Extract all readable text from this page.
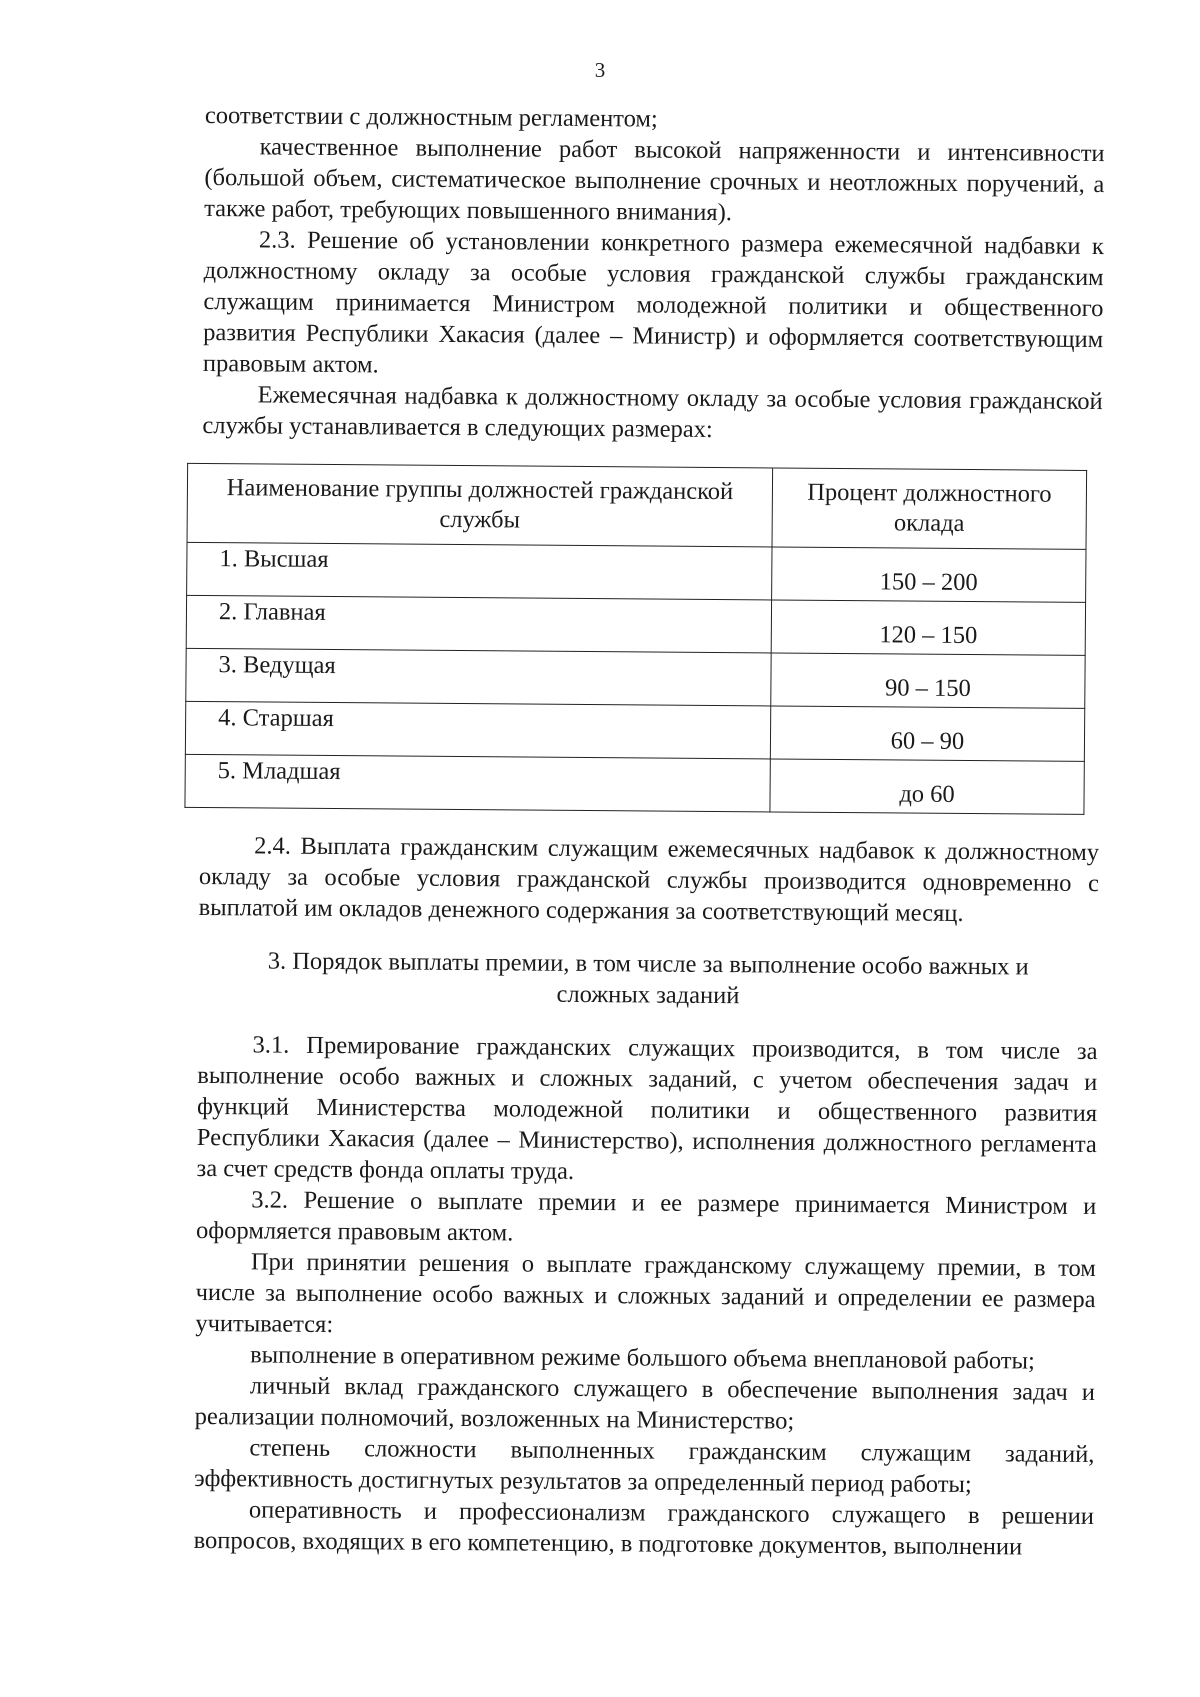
3

соответствии с должностным регламентом;

качественное выполнение работ высокой напряженности и интенсивности (большой объем, систематическое выполнение срочных и неотложных поручений, а также работ, требующих повышенного внимания).

2.3. Решение об установлении конкретного размера ежемесячной надбавки к должностному окладу за особые условия гражданской службы гражданским служащим принимается Министром молодежной политики и общественного развития Республики Хакасия (далее – Министр) и оформляется соответствующим правовым актом.

Ежемесячная надбавка к должностному окладу за особые условия гражданской службы устанавливается в следующих размерах:

Наименование группы должностей гражданской службы	Процент должностного оклада
1. Высшая	150 – 200
2. Главная	120 – 150
3. Ведущая	90 – 150
4. Старшая	60 – 90
5. Младшая	до 60

2.4. Выплата гражданским служащим ежемесячных надбавок к должностному окладу за особые условия гражданской службы производится одновременно с выплатой им окладов денежного содержания за соответствующий месяц.

3. Порядок выплаты премии, в том числе за выполнение особо важных и сложных заданий

3.1. Премирование гражданских служащих производится, в том числе за выполнение особо важных и сложных заданий, с учетом обеспечения задач и функций Министерства молодежной политики и общественного развития Республики Хакасия (далее – Министерство), исполнения должностного регламента за счет средств фонда оплаты труда.

3.2. Решение о выплате премии и ее размере принимается Министром и оформляется правовым актом.

При принятии решения о выплате гражданскому служащему премии, в том числе за выполнение особо важных и сложных заданий и определении ее размера учитывается:

выполнение в оперативном режиме большого объема внеплановой работы;

личный вклад гражданского служащего в обеспечение выполнения задач и реализации полномочий, возложенных на Министерство;

степень сложности выполненных гражданским служащим заданий, эффективность достигнутых результатов за определенный период работы;

оперативность и профессионализм гражданского служащего в решении вопросов, входящих в его компетенцию, в подготовке документов, выполнении
